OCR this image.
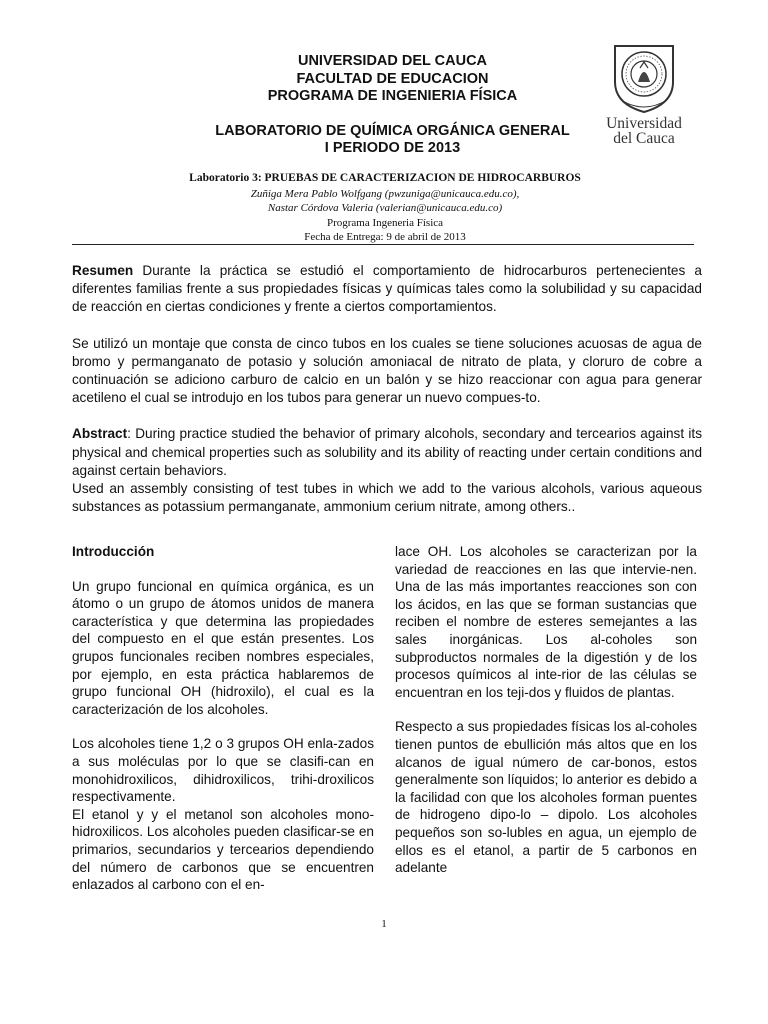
UNIVERSIDAD DEL CAUCA
FACULTAD DE EDUCACION
PROGRAMA DE INGENIERIA FÍSICA
LABORATORIO DE QUÍMICA ORGÁNICA GENERAL
I PERIODO DE 2013
Universidad
del Cauca
Laboratorio 3: PRUEBAS DE CARACTERIZACION DE HIDROCARBUROS
Zuñiga Mera Pablo Wolfgang (pwzuniga@unicauca.edu.co),
Nastar Córdova Valeria (valerian@unicauca.edu.co)
Programa Ingeneria Física
Fecha de Entrega: 9 de abril de 2013

Resumen Durante la práctica se estudió el comportamiento de hidrocarburos pertenecientes a diferentes familias frente a sus propiedades físicas y químicas tales como la solubilidad y su capacidad de reacción en ciertas condiciones y frente a ciertos comportamientos.

Se utilizó un montaje que consta de cinco tubos en los cuales se tiene soluciones acuosas de agua de bromo y permanganato de potasio y solución amoniacal de nitrato de plata, y cloruro de cobre a continuación se adiciono carburo de calcio en un balón y se hizo reaccionar con agua para generar acetileno el cual se introdujo en los tubos para generar un nuevo compues-to.

Abstract: During practice studied the behavior of primary alcohols, secondary and tercearios against its physical and chemical properties such as solubility and its ability of reacting under certain conditions and against certain behaviors.

Used an assembly consisting of test tubes in which we add to the various alcohols, various aqueous substances as potassium permanganate, ammonium cerium nitrate, among others..

Introducción

Un grupo funcional en química orgánica, es un átomo o un grupo de átomos unidos de manera característica y que determina las propiedades del compuesto en el que están presentes. Los grupos funcionales reciben nombres especiales, por ejemplo, en esta práctica hablaremos de grupo funcional OH (hidroxilo), el cual es la caracterización de los alcoholes.

Los alcoholes tiene 1,2 o 3 grupos OH enla-zados a sus moléculas por lo que se clasifi-can en monohidroxilicos, dihidroxilicos, trihi-droxilicos respectivamente.

El etanol y y el metanol son alcoholes mono-hidroxilicos. Los alcoholes pueden clasificar-se en primarios, secundarios y tercearios dependiendo del número de carbonos que se encuentren enlazados al carbono con el en-

lace OH. Los alcoholes se caracterizan por la variedad de reacciones en las que intervie-nen. Una de las más importantes reacciones son con los ácidos, en las que se forman sustancias que reciben el nombre de esteres semejantes a las sales inorgánicas. Los al-coholes son subproductos normales de la digestión y de los procesos químicos al inte-rior de las células se encuentran en los teji-dos y fluidos de plantas.

Respecto a sus propiedades físicas los al-coholes tienen puntos de ebullición más altos que en los alcanos de igual número de car-bonos, estos generalmente son líquidos; lo anterior es debido a la facilidad con que los alcoholes forman puentes de hidrogeno dipo-lo – dipolo. Los alcoholes pequeños son so-lubles en agua, un ejemplo de ellos es el etanol, a partir de 5 carbonos en adelante

1
